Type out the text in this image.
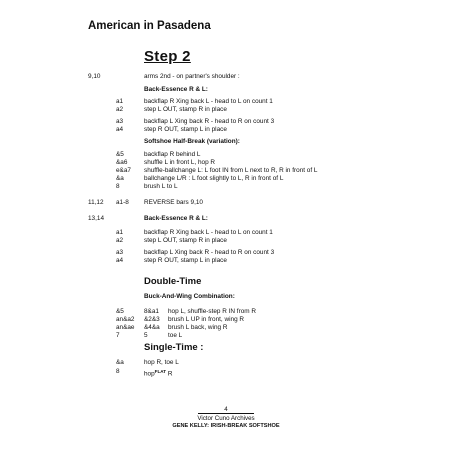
American in Pasadena
Step 2
9,10	arms 2nd - on partner's shoulder :
Back-Essence R & L:
a1	backflap R Xing back L - head to L on count 1
a2	step L OUT, stamp R in place
a3	backflap L Xing back R - head to R on count 3
a4	step R OUT, stamp L in place
Softshoe Half-Break (variation):
&5	backflap R behind L
&a6	shuffle L in front L, hop R
e&a7 shuffle-ballchange L: L foot IN from L next to R, R in front of L
&a	ballchange L/R : L foot slightly to L, R in front of L
8	brush L to L
11,12 a1-8 REVERSE bars 9,10
13,14	Back-Essence R & L:
a1	backflap R Xing back L - head to L on count 1
a2	step L OUT, stamp R in place
a3	backflap L Xing back R - head to R on count 3
a4	step R OUT, stamp L in place
Double-Time
Buck-And-Wing Combination:
&5	8&a1 hop L, shuffle-step R IN from R
an&a2 &2&3 brush L UP in front, wing R
an&ae &4&a brush L back, wing R
7	5	toe L
Single-Time :
&a	hop R, toe L
8	hop$^{FLAT}$ R
4
Victor Cuno Archives
GENE KELLY: IRISH-BREAK SOFTSHOE
